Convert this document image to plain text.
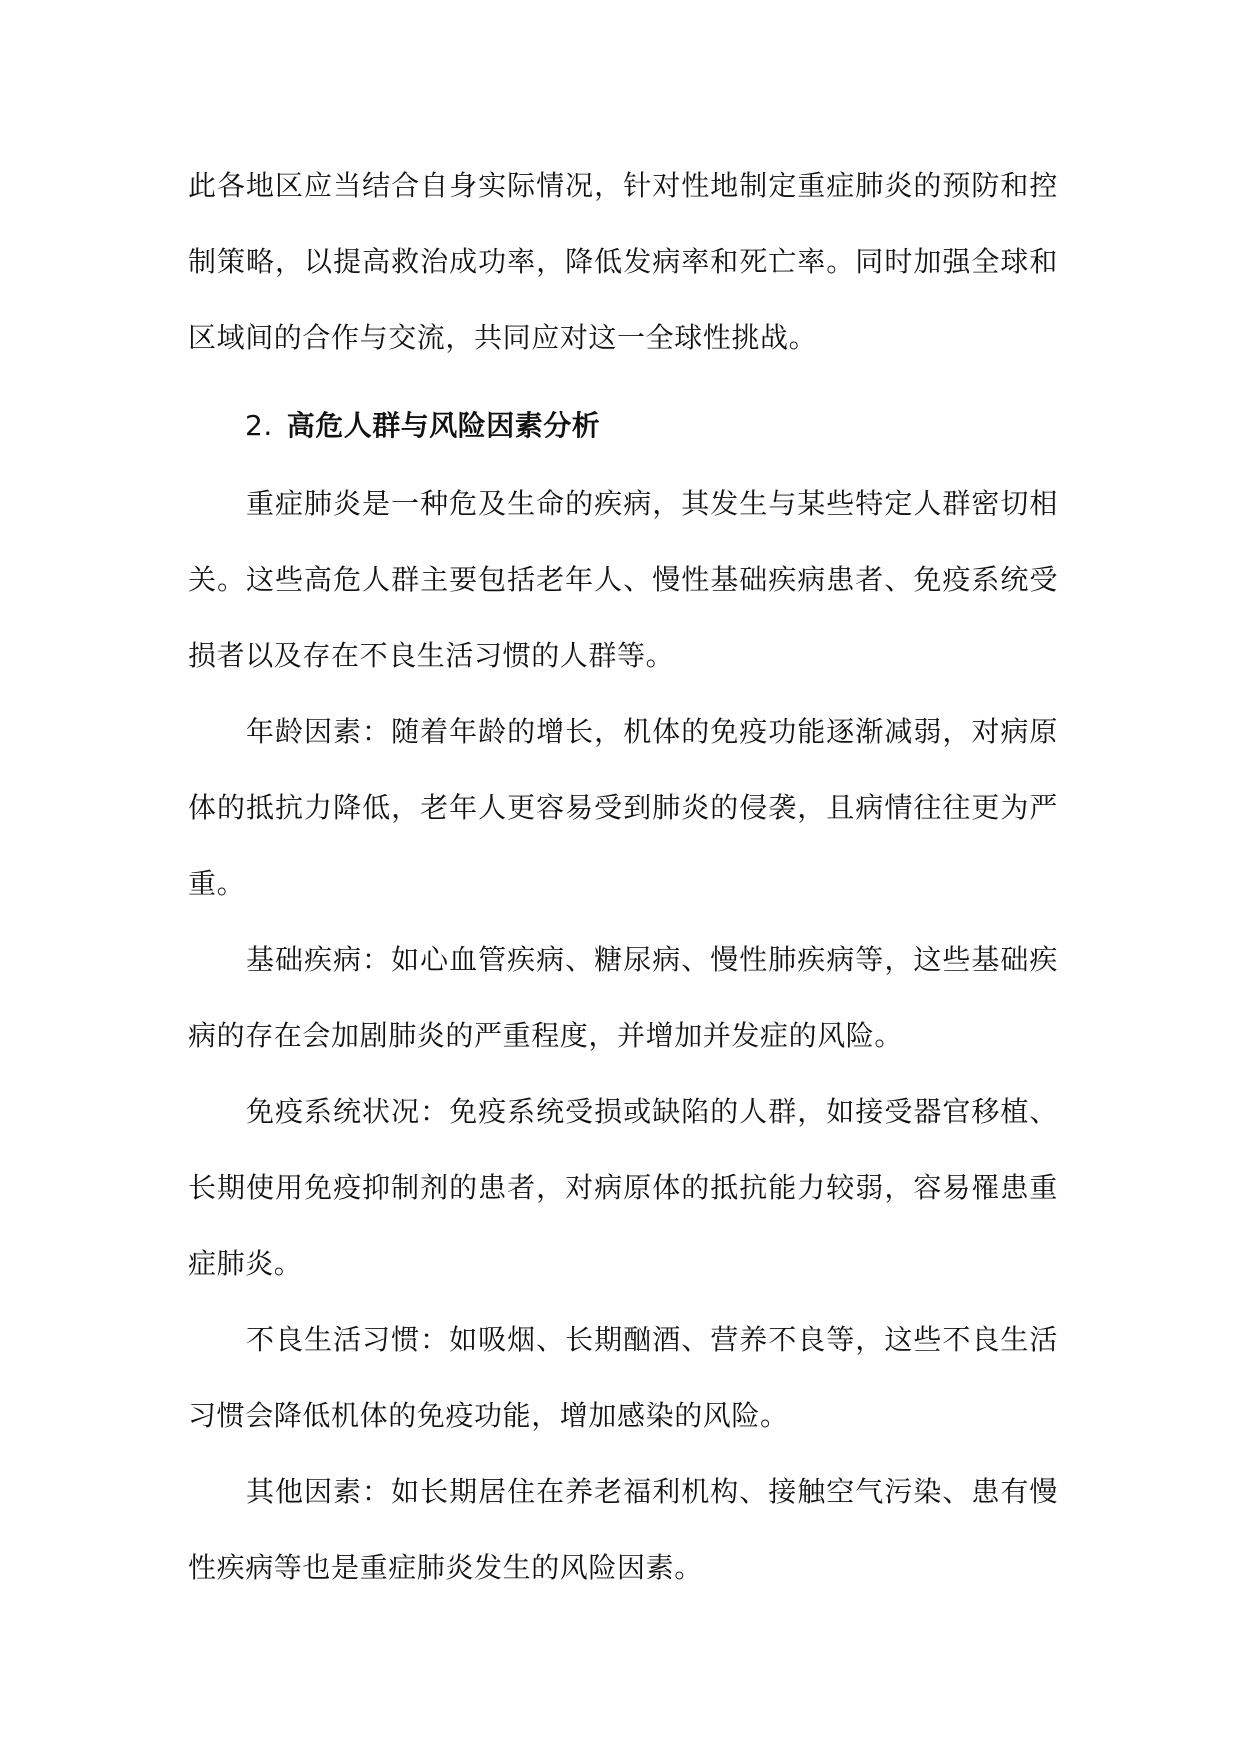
此各地区应当结合自身实际情况，针对性地制定重症肺炎的预防和控制策略，以提高救治成功率，降低发病率和死亡率。同时加强全球和区域间的合作与交流，共同应对这一全球性挑战。

2. 高危人群与风险因素分析

重症肺炎是一种危及生命的疾病，其发生与某些特定人群密切相关。这些高危人群主要包括老年人、慢性基础疾病患者、免疫系统受损者以及存在不良生活习惯的人群等。

年龄因素：随着年龄的增长，机体的免疫功能逐渐减弱，对病原体的抵抗力降低，老年人更容易受到肺炎的侵袭，且病情往往更为严重。

基础疾病：如心血管疾病、糖尿病、慢性肺疾病等，这些基础疾病的存在会加剧肺炎的严重程度，并增加并发症的风险。

免疫系统状况：免疫系统受损或缺陷的人群，如接受器官移植、长期使用免疫抑制剂的患者，对病原体的抵抗能力较弱，容易罹患重症肺炎。

不良生活习惯：如吸烟、长期酗酒、营养不良等，这些不良生活习惯会降低机体的免疫功能，增加感染的风险。

其他因素：如长期居住在养老福利机构、接触空气污染、患有慢性疾病等也是重症肺炎发生的风险因素。
